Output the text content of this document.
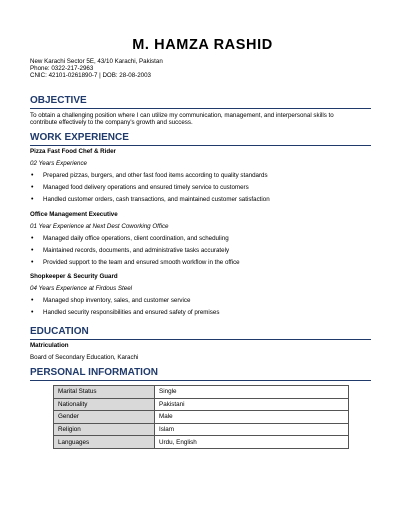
M. HAMZA RASHID
New Karachi Sector 5E, 43/10 Karachi, Pakistan
Phone: 0322-217-2963
CNIC: 42101-0261890-7 | DOB: 28-08-2003
OBJECTIVE
To obtain a challenging position where I can utilize my communication, management, and interpersonal skills to
contribute effectively to the company's growth and success.
WORK EXPERIENCE
Pizza Fast Food Chef & Rider
02 Years Experience
• Prepared pizzas, burgers, and other fast food items according to quality standards
• Managed food delivery operations and ensured timely service to customers
• Handled customer orders, cash transactions, and maintained customer satisfaction
Office Management Executive
01 Year Experience at Next Dest Coworking Office
• Managed daily office operations, client coordination, and scheduling
• Maintained records, documents, and administrative tasks accurately
• Provided support to the team and ensured smooth workflow in the office
Shopkeeper & Security Guard
04 Years Experience at Firdous Steel
• Managed shop inventory, sales, and customer service
• Handled security responsibilities and ensured safety of premises
EDUCATION
Matriculation
Board of Secondary Education, Karachi
PERSONAL INFORMATION
Marital Status	Single
Nationality	Pakistani
Gender	Male
Religion	Islam
Languages	Urdu, English
